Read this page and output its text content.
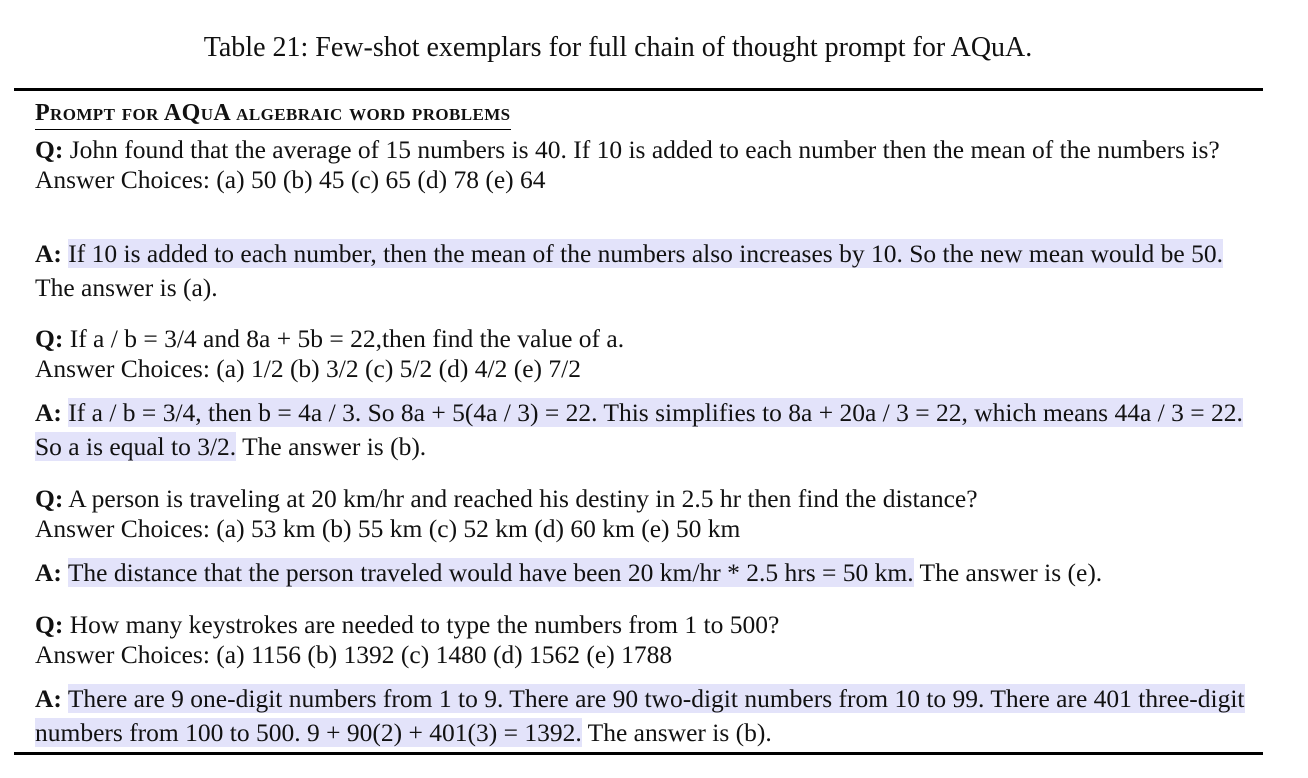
Table 21: Few-shot exemplars for full chain of thought prompt for AQuA.
Prompt for AQuA algebraic word problems
Q: John found that the average of 15 numbers is 40. If 10 is added to each number then the mean of the numbers is?
Answer Choices: (a) 50 (b) 45 (c) 65 (d) 78 (e) 64
A: If 10 is added to each number, then the mean of the numbers also increases by 10. So the new mean would be 50. The answer is (a).
Q: If a / b = 3/4 and 8a + 5b = 22,then find the value of a.
Answer Choices: (a) 1/2 (b) 3/2 (c) 5/2 (d) 4/2 (e) 7/2
A: If a / b = 3/4, then b = 4a / 3. So 8a + 5(4a / 3) = 22. This simplifies to 8a + 20a / 3 = 22, which means 44a / 3 = 22. So a is equal to 3/2. The answer is (b).
Q: A person is traveling at 20 km/hr and reached his destiny in 2.5 hr then find the distance?
Answer Choices: (a) 53 km (b) 55 km (c) 52 km (d) 60 km (e) 50 km
A: The distance that the person traveled would have been 20 km/hr * 2.5 hrs = 50 km. The answer is (e).
Q: How many keystrokes are needed to type the numbers from 1 to 500?
Answer Choices: (a) 1156 (b) 1392 (c) 1480 (d) 1562 (e) 1788
A: There are 9 one-digit numbers from 1 to 9. There are 90 two-digit numbers from 10 to 99. There are 401 three-digit numbers from 100 to 500. 9 + 90(2) + 401(3) = 1392. The answer is (b).
